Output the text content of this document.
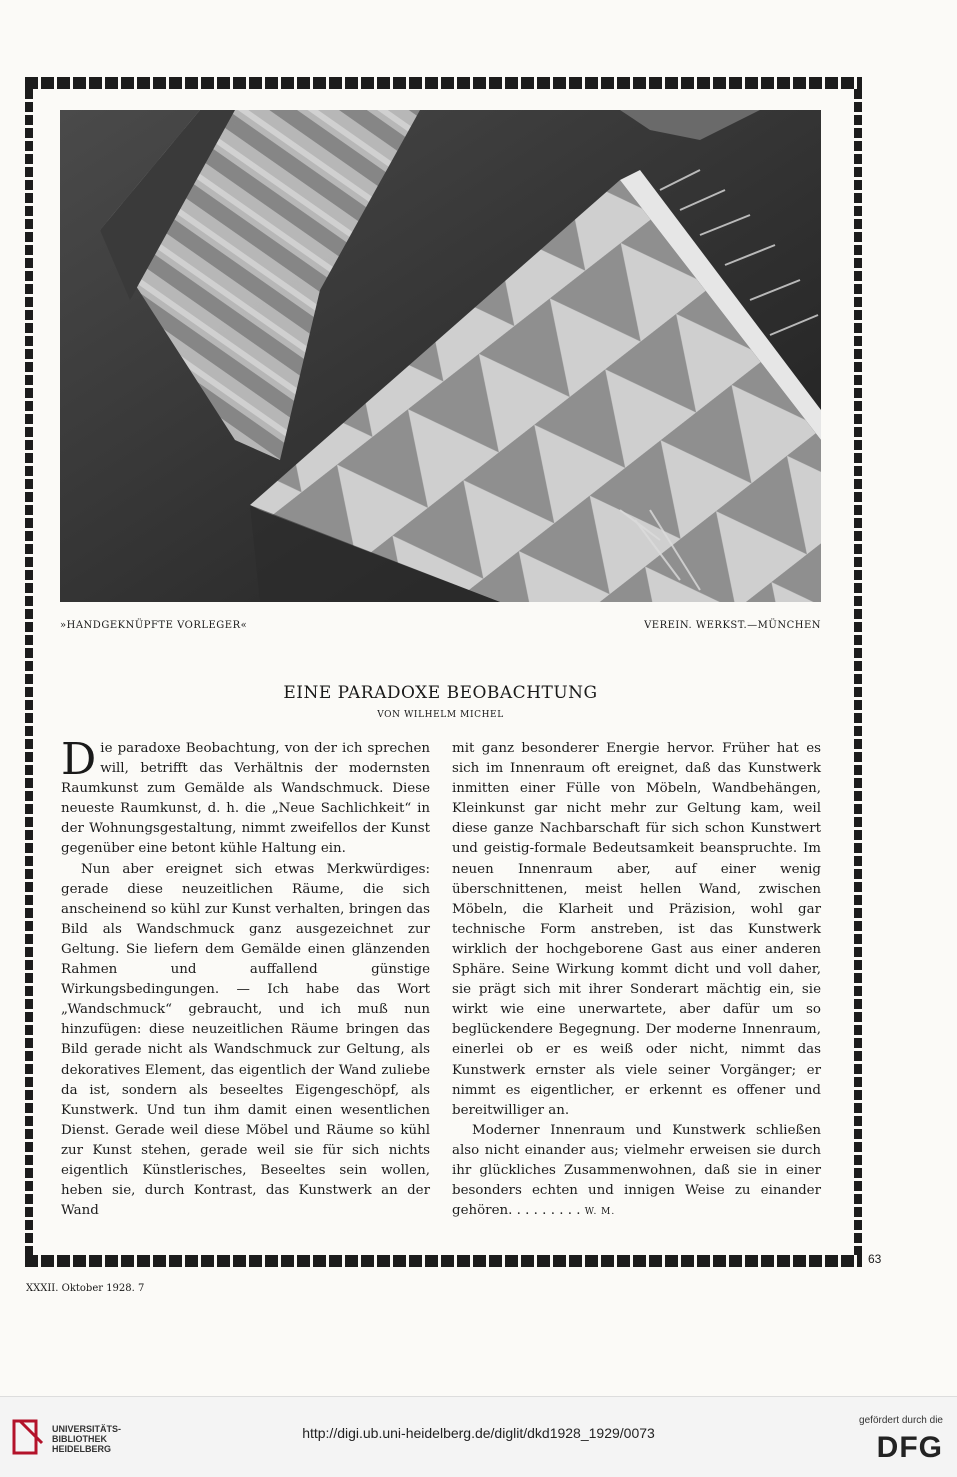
»HANDGEKNÜPFTE VORLEGER«	VEREIN. WERKST.—MÜNCHEN
EINE PARADOXE BEOBACHTUNG
VON WILHELM MICHEL

Die paradoxe Beobachtung, von der ich sprechen will, betrifft das Verhältnis der modernsten Raumkunst zum Gemälde als Wandschmuck. Diese neueste Raumkunst, d. h. die „Neue Sachlichkeit“ in der Wohnungsgestaltung, nimmt zweifellos der Kunst gegenüber eine betont kühle Haltung ein.

Nun aber ereignet sich etwas Merkwürdiges: gerade diese neuzeitlichen Räume, die sich anscheinend so kühl zur Kunst verhalten, bringen das Bild als Wandschmuck ganz ausgezeichnet zur Geltung. Sie liefern dem Gemälde einen glänzenden Rahmen und auffallend günstige Wirkungsbedingungen. — Ich habe das Wort „Wandschmuck“ gebraucht, und ich muß nun hinzufügen: diese neuzeitlichen Räume bringen das Bild gerade nicht als Wandschmuck zur Geltung, als dekoratives Element, das eigentlich der Wand zuliebe da ist, sondern als beseeltes Eigengeschöpf, als Kunstwerk. Und tun ihm damit einen wesentlichen Dienst. Gerade weil diese Möbel und Räume so kühl zur Kunst stehen, gerade weil sie für sich nichts eigentlich Künstlerisches, Beseeltes sein wollen, heben sie, durch Kontrast, das Kunstwerk an der Wand

mit ganz besonderer Energie hervor. Früher hat es sich im Innenraum oft ereignet, daß das Kunstwerk inmitten einer Fülle von Möbeln, Wandbehängen, Kleinkunst gar nicht mehr zur Geltung kam, weil diese ganze Nachbarschaft für sich schon Kunstwert und geistig-formale Bedeutsamkeit beanspruchte. Im neuen Innenraum aber, auf einer wenig überschnittenen, meist hellen Wand, zwischen Möbeln, die Klarheit und Präzision, wohl gar technische Form anstreben, ist das Kunstwerk wirklich der hochgeborene Gast aus einer anderen Sphäre. Seine Wirkung kommt dicht und voll daher, sie prägt sich mit ihrer Sonderart mächtig ein, sie wirkt wie eine unerwartete, aber dafür um so beglückendere Begegnung. Der moderne Innenraum, einerlei ob er es weiß oder nicht, nimmt das Kunstwerk ernster als viele seiner Vorgänger; er nimmt es eigentlicher, er erkennt es offener und bereitwilliger an.

Moderner Innenraum und Kunstwerk schließen also nicht einander aus; vielmehr erweisen sie durch ihr glückliches Zusammenwohnen, daß sie in einer besonders echten und innigen Weise zu einander gehören. . . . . . . . . W. M.

63
XXXII. Oktober 1928. 7
UNIVERSITÄTS-
BIBLIOTHEK
HEIDELBERG
http://digi.ub.uni-heidelberg.de/diglit/dkd1928_1929/0073
gefördert durch die
DFG
